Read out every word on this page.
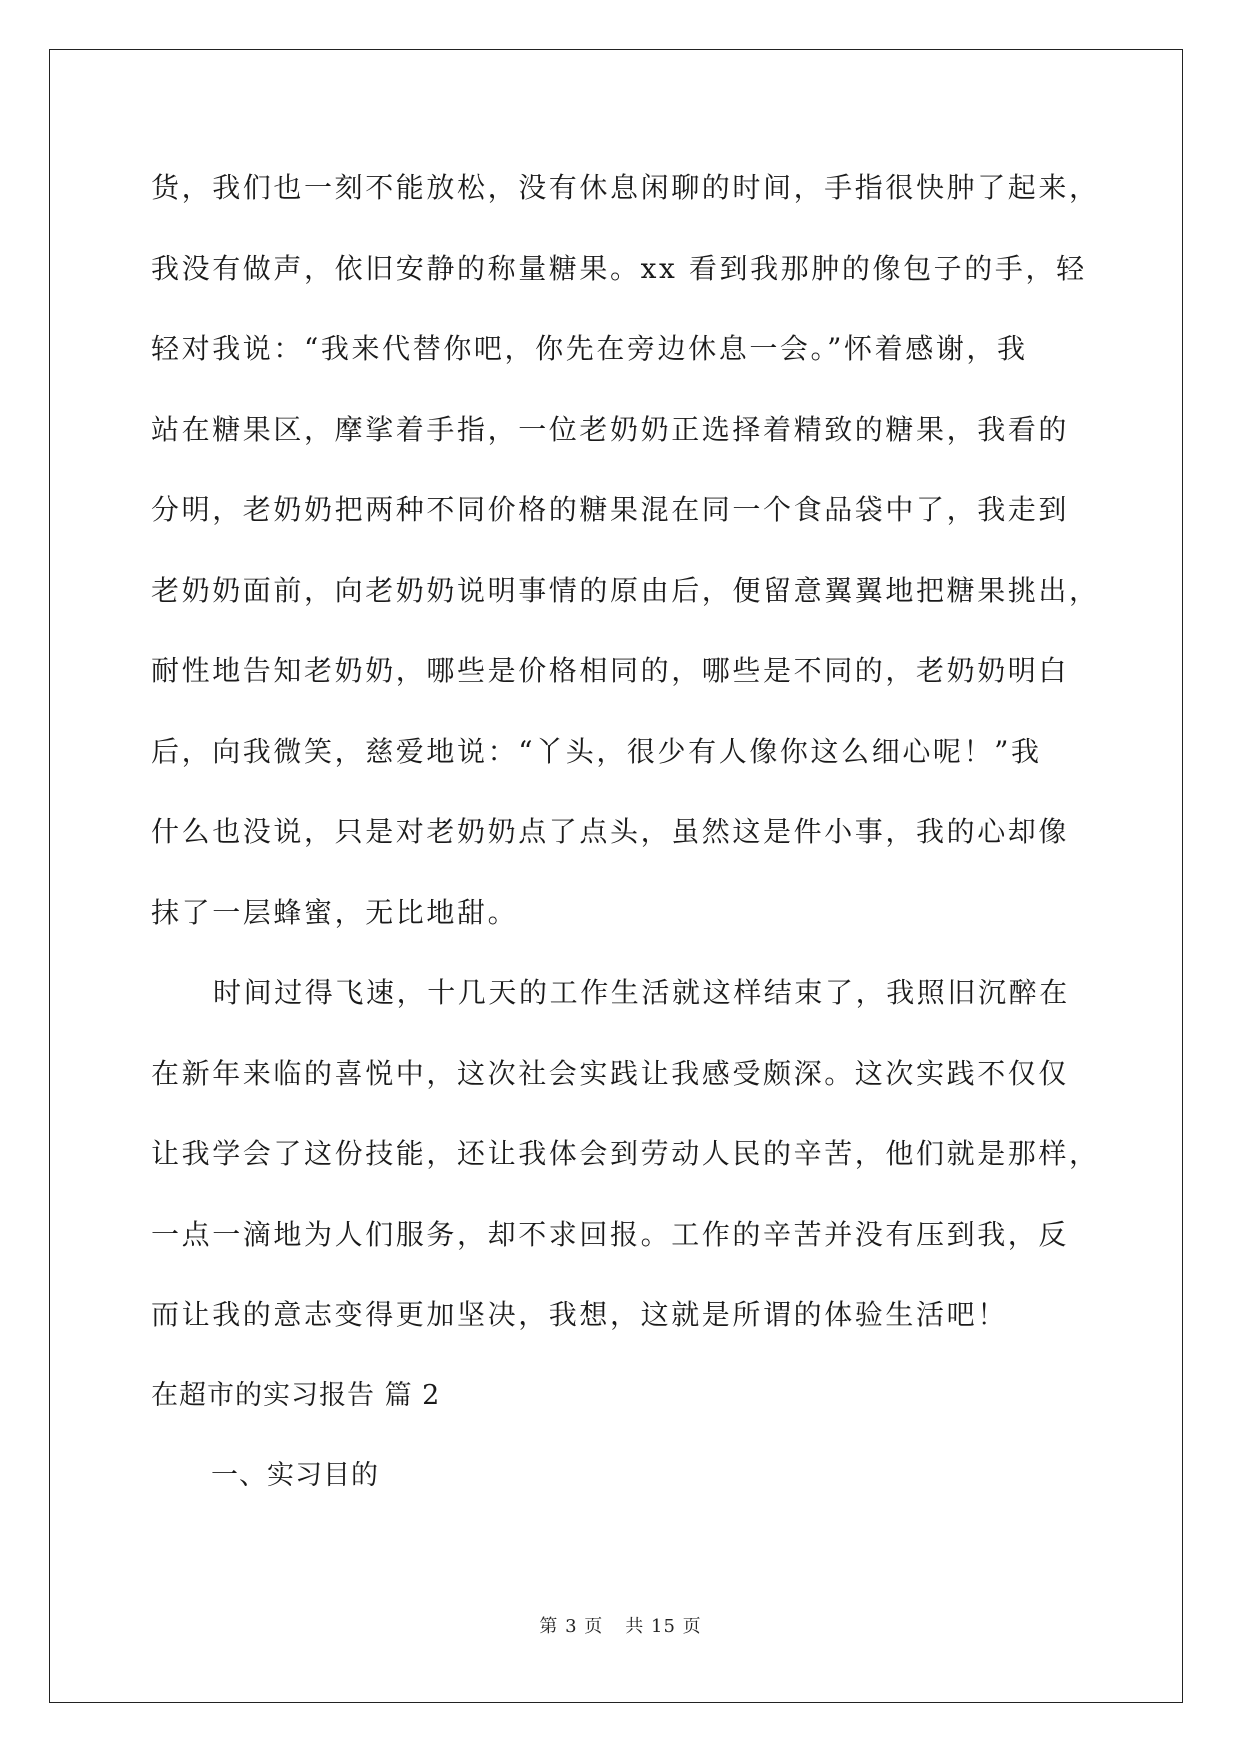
货，我们也一刻不能放松，没有休息闲聊的时间，手指很快肿了起来，
我没有做声，依旧安静的称量糖果。xx 看到我那肿的像包子的手，轻
轻对我说：“我来代替你吧，你先在旁边休息一会。”怀着感谢，我
站在糖果区，摩挲着手指，一位老奶奶正选择着精致的糖果，我看的
分明，老奶奶把两种不同价格的糖果混在同一个食品袋中了，我走到
老奶奶面前，向老奶奶说明事情的原由后，便留意翼翼地把糖果挑出，
耐性地告知老奶奶，哪些是价格相同的，哪些是不同的，老奶奶明白
后，向我微笑，慈爱地说：“丫头，很少有人像你这么细心呢！”我
什么也没说，只是对老奶奶点了点头，虽然这是件小事，我的心却像
抹了一层蜂蜜，无比地甜。
时间过得飞速，十几天的工作生活就这样结束了，我照旧沉醉在
在新年来临的喜悦中，这次社会实践让我感受颇深。这次实践不仅仅
让我学会了这份技能，还让我体会到劳动人民的辛苦，他们就是那样，
一点一滴地为人们服务，却不求回报。工作的辛苦并没有压到我，反
而让我的意志变得更加坚决，我想，这就是所谓的体验生活吧！
在超市的实习报告 篇 2
一、实习目的
第 3 页 共 15 页
